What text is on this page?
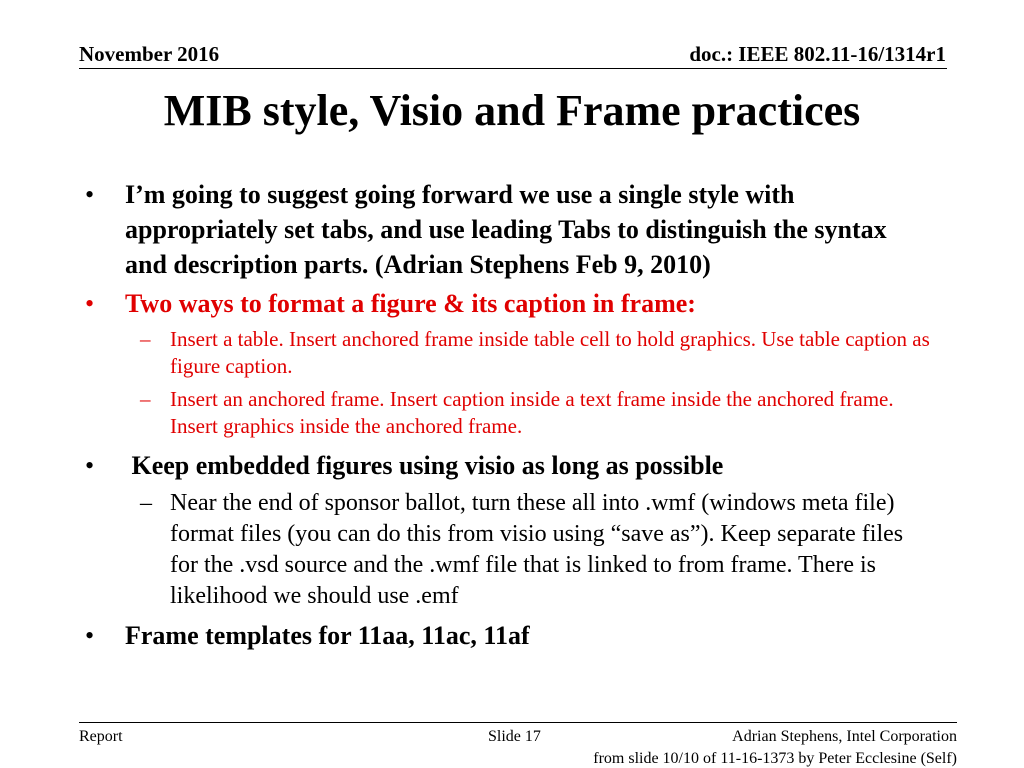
November 2016	doc.: IEEE 802.11-16/1314r1
MIB style, Visio and Frame practices
• I’m going to suggest going forward we use a single style with appropriately set tabs, and use leading Tabs to distinguish the syntax and description parts. (Adrian Stephens Feb 9, 2010)
• Two ways to format a figure & its caption in frame:
– Insert a table. Insert anchored frame inside table cell to hold graphics. Use table caption as figure caption.
– Insert an anchored frame. Insert caption inside a text frame inside the anchored frame. Insert graphics inside the anchored frame.
• Keep embedded figures using visio as long as possible
– Near the end of sponsor ballot, turn these all into .wmf (windows meta file) format files (you can do this from visio using “save as”). Keep separate files for the .vsd source and the .wmf file that is linked to from frame. There is likelihood we should use .emf
• Frame templates for 11aa, 11ac, 11af
Report	Slide 17	Adrian Stephens, Intel Corporation
from slide 10/10 of 11-16-1373 by Peter Ecclesine (Self)
